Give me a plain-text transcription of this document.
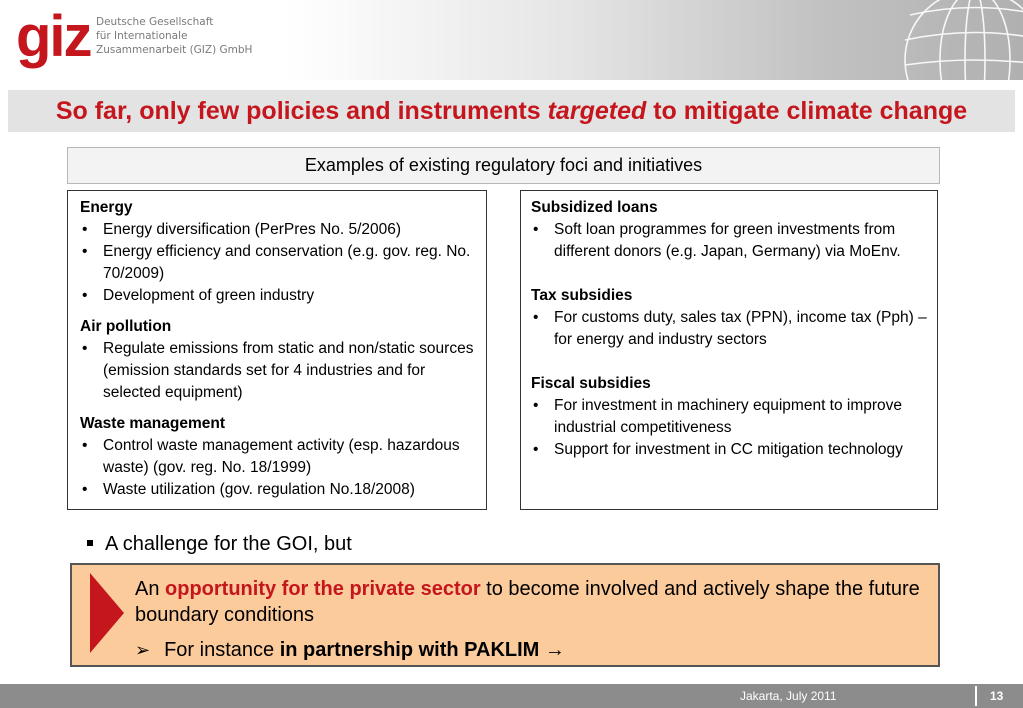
giz Deutsche Gesellschaft
für Internationale
Zusammenarbeit (GIZ) GmbH
So far, only few policies and instruments targeted to mitigate climate change
Examples of existing regulatory foci and initiatives
Energy
• Energy diversification (PerPres No. 5/2006)
• Energy efficiency and conservation (e.g. gov. reg. No. 70/2009)
• Development of green industry
Air pollution
• Regulate emissions from static and non/static sources (emission standards set for 4 industries and for selected equipment)
Waste management
• Control waste management activity (esp. hazardous waste) (gov. reg. No. 18/1999)
• Waste utilization (gov. regulation No.18/2008)
Subsidized loans
• Soft loan programmes for green investments from different donors (e.g. Japan, Germany) via MoEnv.
Tax subsidies
• For customs duty, sales tax (PPN), income tax (Pph) – for energy and industry sectors
Fiscal subsidies
• For investment in machinery equipment to improve industrial competitiveness
• Support for investment in CC mitigation technology
A challenge for the GOI, but
An opportunity for the private sector to become involved and actively shape the future boundary conditions
➢ For instance in partnership with PAKLIM →
Jakarta, July 2011	13
